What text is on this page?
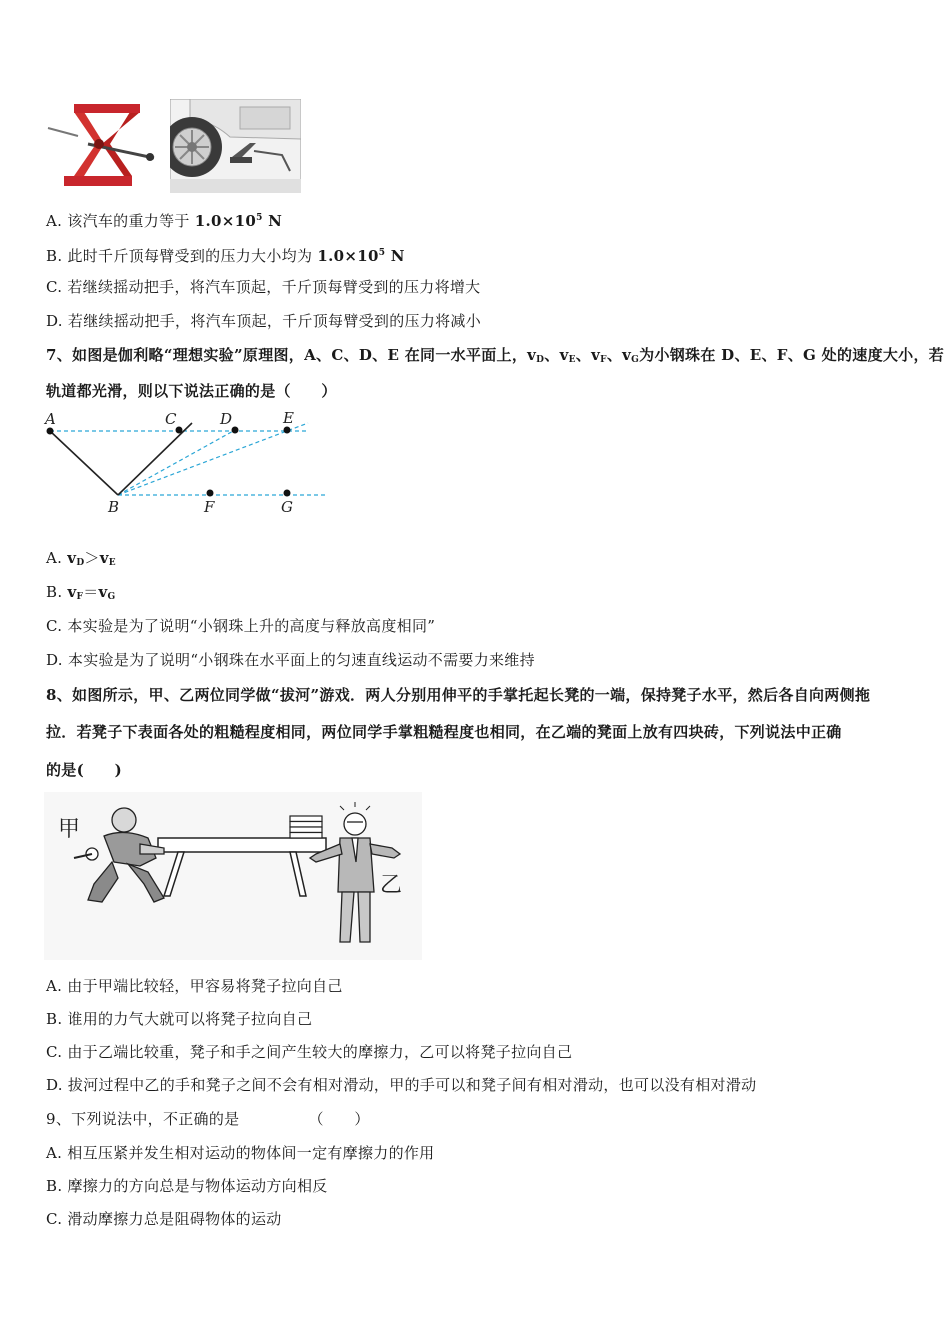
A. 该汽车的重力等于 $1.0\times 10^5$ N
B. 此时千斤顶每臂受到的压力大小均为 $1.0\times 10^5$ N
C. 若继续摇动把手，将汽车顶起，千斤顶每臂受到的压力将增大
D. 若继续摇动把手，将汽车顶起，千斤顶每臂受到的压力将减小
7、如图是伽利略“理想实验”原理图，A、C、D、E 在同一水平面上，$v_D$、$v_E$、$v_F$、$v_G$为小钢珠在 D、E、F、G 处的速度大小，若
轨道都光滑，则以下说法正确的是（　　）
A	C	D	E
B	F	G
A. $v_D>v_E$
B. $v_F=v_G$
C. 本实验是为了说明“小钢珠上升的高度与释放高度相同”
D. 本实验是为了说明“小钢珠在水平面上的匀速直线运动不需要力来维持
8、如图所示，甲、乙两位同学做“拔河”游戏．两人分别用伸平的手掌托起长凳的一端，保持凳子水平，然后各自向两侧拖
拉．若凳子下表面各处的粗糙程度相同，两位同学手掌粗糙程度也相同，在乙端的凳面上放有四块砖，下列说法中正确
的是(　　)
甲
乙
A. 由于甲端比较轻，甲容易将凳子拉向自己
B. 谁用的力气大就可以将凳子拉向自己
C. 由于乙端比较重，凳子和手之间产生较大的摩擦力，乙可以将凳子拉向自己
D. 拔河过程中乙的手和凳子之间不会有相对滑动，甲的手可以和凳子间有相对滑动，也可以没有相对滑动
9、下列说法中，不正确的是　　　　　（　　）
A. 相互压紧并发生相对运动的物体间一定有摩擦力的作用
B. 摩擦力的方向总是与物体运动方向相反
C. 滑动摩擦力总是阻碍物体的运动
